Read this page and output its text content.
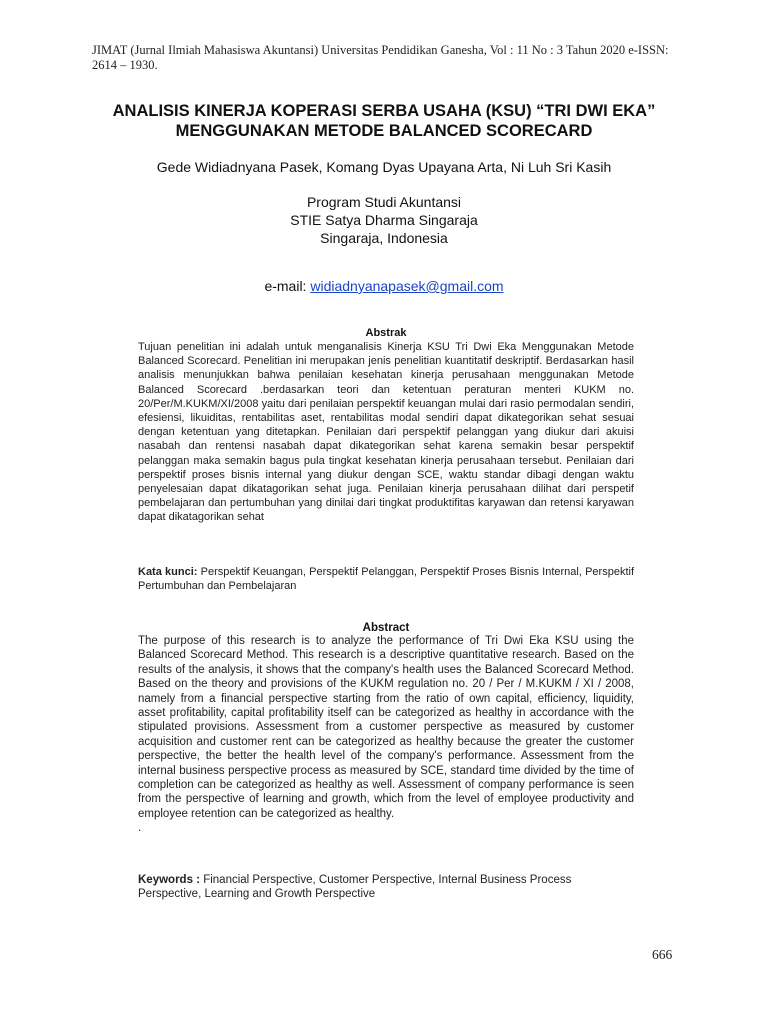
JIMAT (Jurnal Ilmiah Mahasiswa Akuntansi) Universitas Pendidikan Ganesha, Vol : 11 No : 3 Tahun 2020 e-ISSN: 2614 – 1930.
ANALISIS KINERJA KOPERASI SERBA USAHA (KSU) “TRI DWI EKA” MENGGUNAKAN METODE BALANCED SCORECARD
Gede Widiadnyana Pasek, Komang Dyas Upayana Arta, Ni Luh Sri Kasih
Program Studi Akuntansi
STIE Satya Dharma Singaraja
Singaraja, Indonesia
e-mail: widiadnyanapasek@gmail.com
Abstrak
Tujuan penelitian ini adalah untuk menganalisis Kinerja KSU Tri Dwi Eka Menggunakan Metode Balanced Scorecard. Penelitian ini merupakan jenis penelitian kuantitatif deskriptif. Berdasarkan hasil analisis menunjukkan bahwa penilaian kesehatan kinerja perusahaan menggunakan Metode Balanced Scorecard .berdasarkan teori dan ketentuan peraturan menteri KUKM no. 20/Per/M.KUKM/XI/2008 yaitu dari penilaian perspektif keuangan mulai dari rasio permodalan sendiri, efesiensi, likuiditas, rentabilitas aset, rentabilitas modal sendiri dapat dikategorikan sehat sesuai dengan ketentuan yang ditetapkan. Penilaian dari perspektif pelanggan yang diukur dari akuisi nasabah dan rentensi nasabah dapat dikategorikan sehat karena semakin besar perspektif pelanggan maka semakin bagus pula tingkat kesehatan kinerja perusahaan tersebut. Penilaian dari perspektif proses bisnis internal yang diukur dengan SCE, waktu standar dibagi dengan waktu penyelesaian dapat dikatagorikan sehat juga. Penilaian kinerja perusahaan dilihat dari perspetif pembelajaran dan pertumbuhan yang dinilai dari tingkat produktifitas karyawan dan retensi karyawan dapat dikatagorikan sehat
Kata kunci: Perspektif Keuangan, Perspektif Pelanggan, Perspektif Proses Bisnis Internal, Perspektif Pertumbuhan dan Pembelajaran
Abstract
The purpose of this research is to analyze the performance of Tri Dwi Eka KSU using the Balanced Scorecard Method. This research is a descriptive quantitative research. Based on the results of the analysis, it shows that the company's health uses the Balanced Scorecard Method. Based on the theory and provisions of the KUKM regulation no. 20 / Per / M.KUKM / XI / 2008, namely from a financial perspective starting from the ratio of own capital, efficiency, liquidity, asset profitability, capital profitability itself can be categorized as healthy in accordance with the stipulated provisions. Assessment from a customer perspective as measured by customer acquisition and customer rent can be categorized as healthy because the greater the customer perspective, the better the health level of the company's performance. Assessment from the internal business perspective process as measured by SCE, standard time divided by the time of completion can be categorized as healthy as well. Assessment of company performance is seen from the perspective of learning and growth, which from the level of employee productivity and employee retention can be categorized as healthy.
.
Keywords : Financial Perspective, Customer Perspective, Internal Business Process Perspective, Learning and Growth Perspective
666
